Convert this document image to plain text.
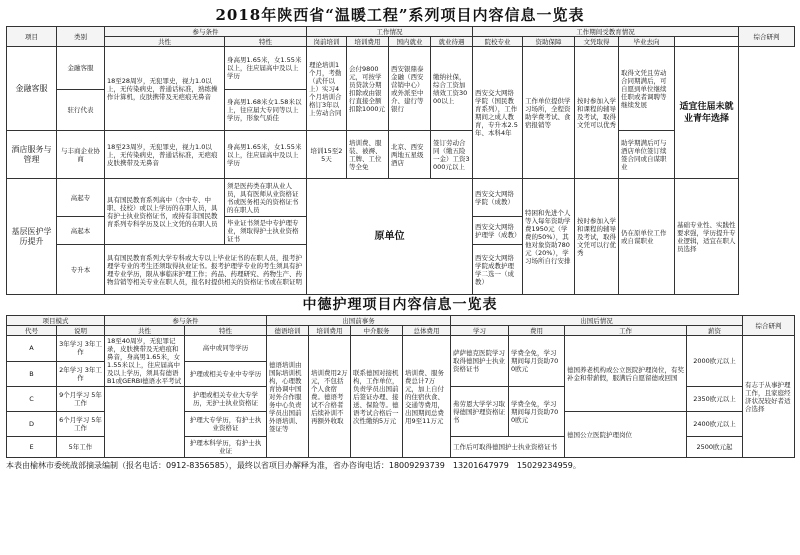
2018年陕西省“温暖工程”系列项目内容信息一览表
项目	类别	参与条件		工作情况				工作期间受教育情况					综合研判
		共性	特性	岗前培训	培训费用	国内就业	就业待遇	院校专业	资助保障	文凭取得	毕业去向	
金融客服	金融客服	18至28周岁，无犯罪史，视力1.0以上，无传染病史，普通话标准，熟练操作计算机，皮肤携带及无疤痕无鼻音	身高男1.65米，女1.55米以上，往应届高中及以上学历	理论培训1个月，考勤（武仟以上）实习4个月培训合格订3年以上劳动合同	会付9800元，可按学员贷款分期扣除或由银行直接全额扣除1000元	西安银鼎泰金融（西安营销中心）或外派至中介、建行等银行	缴纳社保，综合工资加绩效工资3000以上	西安交大网络学院（国民教育系列），工作期间之成人教育，专升本2.5年、本科4年	工作单位提供学习场所，全程资助学费考试、食宿报销等	按时参加入学和课程的辅导及考试，取得文凭可以优秀	取得文凭且劳动合同期满后，可自愿到单位继续任职或者调聘等继续发展	适宜往届未就业青年选择	
	驻行代表		身高男1.68米女1.58米以上，往应届大专同等以上学历，形象气质佳										
酒店服务与管理	与丰商企业协商	18至23周岁，无犯罪史，视力1.0以上，无传染病史，普通话标准，无疤痕皮肤携带及无鼻音	身高男1.65米，女1.55米以上，往应届高中及以上学历	培训15至25天	培训费、服装、被褥、工牌、工位等全免	北京、西安两地五星级酒店	签订劳动合同（缴五险一金）工资3000元以上				助学期满后可与酒店单位签订续签合同或自谋职业		
基层医护学历提升	高起专	具有国民教育系列高中（含中专、中职、技校）或以上学历的在职人员，具有护士执业资格证书，或持有非国民教育系列专科学历及以上文凭的在职人员	须是医药类在职从业人员，具有医师从业资格证书或医务相关的资格证书的在职人员	原单位				西安交大网络学院（成教）	特困和先进个人等入每年资助学费1950元（学费的50%），其他对象资助780元（20%），学习场所自行安排	按时参加入学和课程的辅导及考试，取得文凭可以行优秀	仍在原单位工作或自谋职业	基础专业性、实践性要求强，学历提升专业逻辑，适宜在职人员选择	
	高起本		毕业证书须是中专护理专业，须取得护士执业资格证书					西安交大网络护理学（成教）					
	专升本	具有国民教育系列大学专科或大专以上毕业证书的在职人员，报考护理学专业的考生还须取得执业证书。报考护理学专业的考生须具有护理专业学历，限从事临床护理工作；药品、药理研究、药物生产、药物营销等相关专业在职人员，报名时提供相关的资格证书或在职证明						西安交大网络学院成教护理学二选一（成教）					
中德护理项目内容信息一览表
项目模式		参与条件		出国前事务				出国后情况				综合研判
代号	说明	共性	特性	德语培训	培训费用	中介服务	总体费用	学习	费用	工作	薪资	
A	3年学习 3年工作	18至40周岁，无犯罪记录，皮肤携带及无疤痕和鼻音，身高男1.65米，女1.55米以上，往应届高中及以上学历，须具有德语B1或GERBI德语水平考试	高中或同等学历	德语培训由国际培训机构，心理教育协调中国对外合作服务中心负责学员出国前外语培训、签证等	培训费用2万元，不包括个人食宿费。德语考试不合格者后续补训不再额外收取	联系德国对接机构，工作单位，负责学员出国前后签证办理、接送、保险等。德语考试合格后一次性缴纳5万元	培训费、服务费总计7万元，加上自付的住宿伙食、交通等费用，出国期间总费用9至11万元	萨萨德克医院学习取得德国护士执业资格证书	学费全免，学习期间每月资助700欧元	德国养老机构或公立医院护理岗位，有奖补金和带薪假，服满后自愿留德或回国	2000欧元以上	有志于从事护理工作，且家庭经济状况较好者适合选择
B	2年学习 3年工作		护理或相关专业中专学历									
C	9个月学习 5年工作		护理或相关专业大专学历，无护士执业资格证					弗劳恩大学学习取得德国护理资格证书	学费全免，学习期间每月资助700欧元		2350欧元以上	
D	6个月学习 5年工作		护理大专学历，有护士执业资格证							德国公立医院护理岗位	2400欧元以上	
E	5年工作		护理本科学历，有护士执业证					工作后可取得德国护士执业资格证书			2500欧元起	
本表由榆林市委统战部摘录编制（报名电话：0912-8356585），最终以省项目办解释为准，省办咨询电话：18009293739　13201647979　15029234959。
